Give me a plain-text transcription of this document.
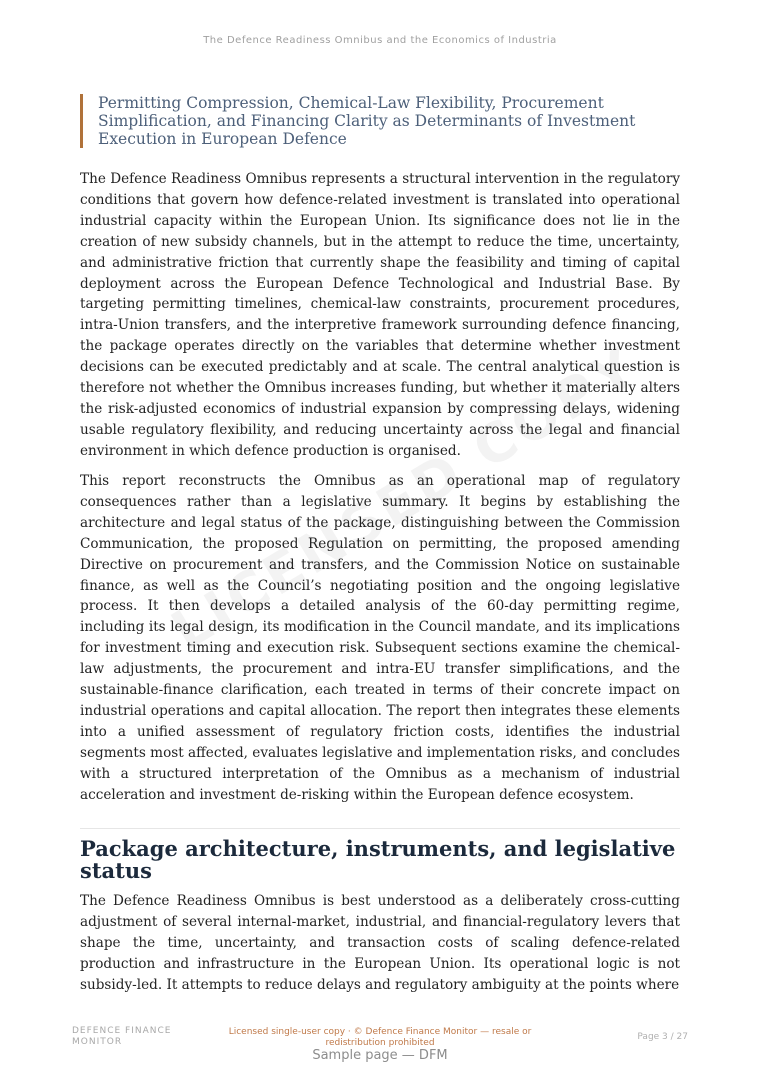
The Defence Readiness Omnibus and the Economics of Industria
Permitting Compression, Chemical-Law Flexibility, Procurement Simplification, and Financing Clarity as Determinants of Investment Execution in European Defence

The Defence Readiness Omnibus represents a structural intervention in the regulatory conditions that govern how defence-related investment is translated into operational industrial capacity within the European Union. Its significance does not lie in the creation of new subsidy channels, but in the attempt to reduce the time, uncertainty, and administrative friction that currently shape the feasibility and timing of capital deployment across the European Defence Technological and Industrial Base. By targeting permitting timelines, chemical-law constraints, procurement procedures, intra-Union transfers, and the interpretive framework surrounding defence financing, the package operates directly on the variables that determine whether investment decisions can be executed predictably and at scale. The central analytical question is therefore not whether the Omnibus increases funding, but whether it materially alters the risk-adjusted economics of industrial expansion by compressing delays, widening usable regulatory flexibility, and reducing uncertainty across the legal and financial environment in which defence production is organised.

This report reconstructs the Omnibus as an operational map of regulatory consequences rather than a legislative summary. It begins by establishing the architecture and legal status of the package, distinguishing between the Commission Communication, the proposed Regulation on permitting, the proposed amending Directive on procurement and transfers, and the Commission Notice on sustainable finance, as well as the Council’s negotiating position and the ongoing legislative process. It then develops a detailed analysis of the 60-day permitting regime, including its legal design, its modification in the Council mandate, and its implications for investment timing and execution risk. Subsequent sections examine the chemical-law adjustments, the procurement and intra-EU transfer simplifications, and the sustainable-finance clarification, each treated in terms of their concrete impact on industrial operations and capital allocation. The report then integrates these elements into a unified assessment of regulatory friction costs, identifies the industrial segments most affected, evaluates legislative and implementation risks, and concludes with a structured interpretation of the Omnibus as a mechanism of industrial acceleration and investment de-risking within the European defence ecosystem.

Package architecture, instruments, and legislative status

The Defence Readiness Omnibus is best understood as a deliberately cross-cutting adjustment of several internal-market, industrial, and financial-regulatory levers that shape the time, uncertainty, and transaction costs of scaling defence-related production and infrastructure in the European Union. Its operational logic is not subsidy-led. It attempts to reduce delays and regulatory ambiguity at the points where

DEFENCE FINANCE MONITOR
Licensed single-user copy · © Defence Finance Monitor — resale or redistribution prohibited
Page 3 / 27
Sample page — DFM
